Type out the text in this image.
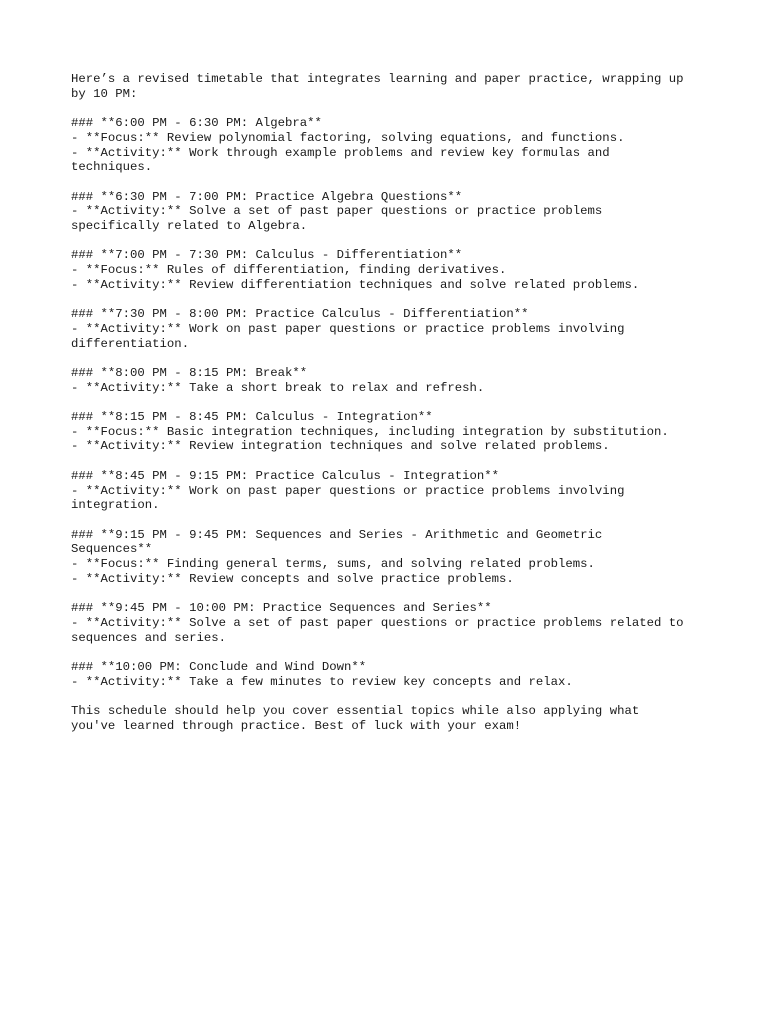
Here’s a revised timetable that integrates learning and paper practice, wrapping up
by 10 PM:
### **6:00 PM - 6:30 PM: Algebra**
- **Focus:** Review polynomial factoring, solving equations, and functions.
- **Activity:** Work through example problems and review key formulas and
techniques.
### **6:30 PM - 7:00 PM: Practice Algebra Questions**
- **Activity:** Solve a set of past paper questions or practice problems
specifically related to Algebra.
### **7:00 PM - 7:30 PM: Calculus - Differentiation**
- **Focus:** Rules of differentiation, finding derivatives.
- **Activity:** Review differentiation techniques and solve related problems.
### **7:30 PM - 8:00 PM: Practice Calculus - Differentiation**
- **Activity:** Work on past paper questions or practice problems involving
differentiation.
### **8:00 PM - 8:15 PM: Break**
- **Activity:** Take a short break to relax and refresh.
### **8:15 PM - 8:45 PM: Calculus - Integration**
- **Focus:** Basic integration techniques, including integration by substitution.
- **Activity:** Review integration techniques and solve related problems.
### **8:45 PM - 9:15 PM: Practice Calculus - Integration**
- **Activity:** Work on past paper questions or practice problems involving
integration.
### **9:15 PM - 9:45 PM: Sequences and Series - Arithmetic and Geometric
Sequences**
- **Focus:** Finding general terms, sums, and solving related problems.
- **Activity:** Review concepts and solve practice problems.
### **9:45 PM - 10:00 PM: Practice Sequences and Series**
- **Activity:** Solve a set of past paper questions or practice problems related to
sequences and series.
### **10:00 PM: Conclude and Wind Down**
- **Activity:** Take a few minutes to review key concepts and relax.
This schedule should help you cover essential topics while also applying what
you've learned through practice. Best of luck with your exam!
